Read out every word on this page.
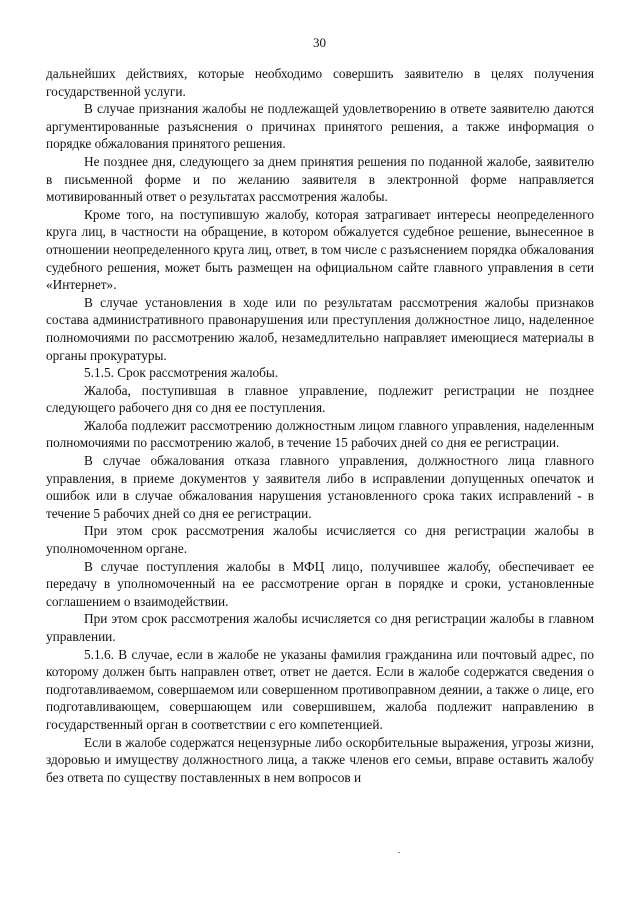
30

дальнейших действиях, которые необходимо совершить заявителю в целях получения государственной услуги.

В случае признания жалобы не подлежащей удовлетворению в ответе заявителю даются аргументированные разъяснения о причинах принятого решения, а также информация о порядке обжалования принятого решения.

Не позднее дня, следующего за днем принятия решения по поданной жалобе, заявителю в письменной форме и по желанию заявителя в электронной форме направляется мотивированный ответ о результатах рассмотрения жалобы.

Кроме того, на поступившую жалобу, которая затрагивает интересы неопределенного круга лиц, в частности на обращение, в котором обжалуется судебное решение, вынесенное в отношении неопределенного круга лиц, ответ, в том числе с разъяснением порядка обжалования судебного решения, может быть размещен на официальном сайте главного управления в сети «Интернет».

В случае установления в ходе или по результатам рассмотрения жалобы признаков состава административного правонарушения или преступления должностное лицо, наделенное полномочиями по рассмотрению жалоб, незамедлительно направляет имеющиеся материалы в органы прокуратуры.

5.1.5. Срок рассмотрения жалобы.

Жалоба, поступившая в главное управление, подлежит регистрации не позднее следующего рабочего дня со дня ее поступления.

Жалоба подлежит рассмотрению должностным лицом главного управления, наделенным полномочиями по рассмотрению жалоб, в течение 15 рабочих дней со дня ее регистрации.

В случае обжалования отказа главного управления, должностного лица главного управления, в приеме документов у заявителя либо в исправлении допущенных опечаток и ошибок или в случае обжалования нарушения установленного срока таких исправлений - в течение 5 рабочих дней со дня ее регистрации.

При этом срок рассмотрения жалобы исчисляется со дня регистрации жалобы в уполномоченном органе.

В случае поступления жалобы в МФЦ лицо, получившее жалобу, обеспечивает ее передачу в уполномоченный на ее рассмотрение орган в порядке и сроки, установленные соглашением о взаимодействии.

При этом срок рассмотрения жалобы исчисляется со дня регистрации жалобы в главном управлении.

5.1.6. В случае, если в жалобе не указаны фамилия гражданина или почтовый адрес, по которому должен быть направлен ответ, ответ не дается. Если в жалобе содержатся сведения о подготавливаемом, совершаемом или совершенном противоправном деянии, а также о лице, его подготавливающем, совершающем или совершившем, жалоба подлежит направлению в государственный орган в соответствии с его компетенцией.

Если в жалобе содержатся нецензурные либо оскорбительные выражения, угрозы жизни, здоровью и имуществу должностного лица, а также членов его семьи, вправе оставить жалобу без ответа по существу поставленных в нем вопросов и
